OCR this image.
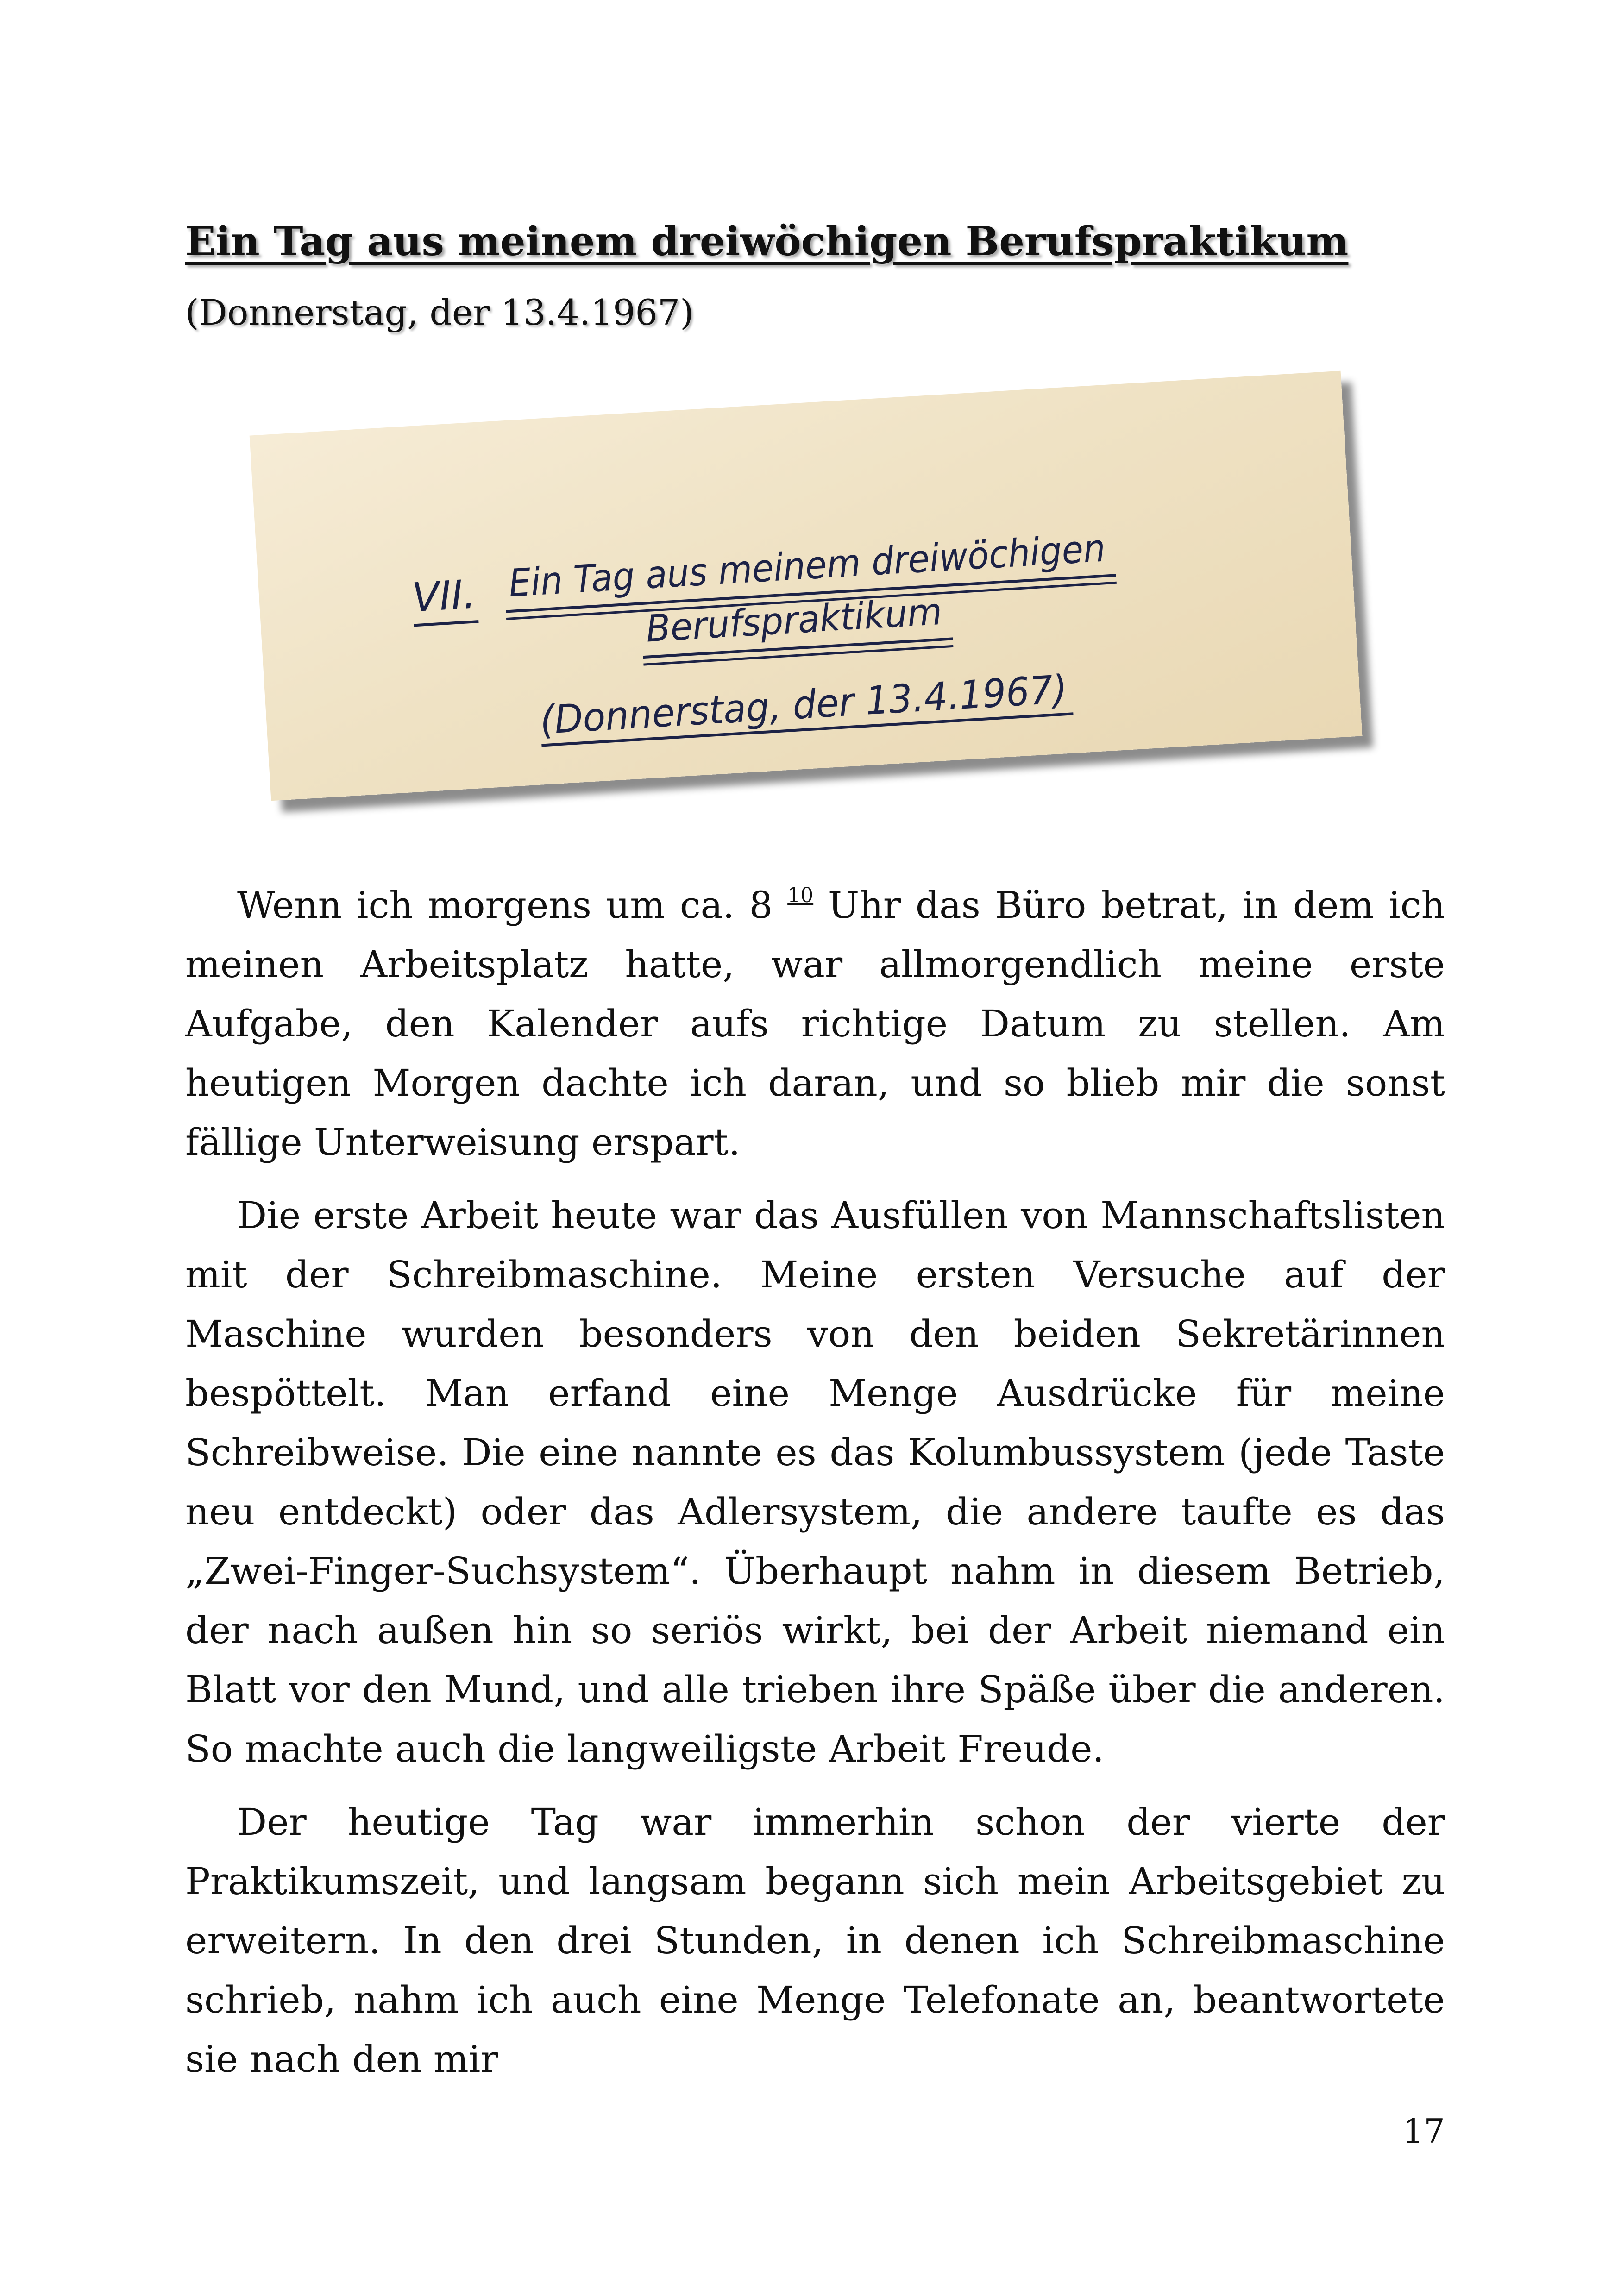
Ein Tag aus meinem dreiwöchigen Berufspraktikum
(Donnerstag, der 13.4.1967)
VII. Ein Tag aus meinem dreiwöchigen
Berufspraktikum
(Donnerstag, der 13.4.1967)

Wenn ich morgens um ca. 8 $^{10}$ Uhr das Büro betrat, in dem ich meinen Arbeitsplatz hatte, war allmorgendlich meine erste Aufgabe, den Kalender aufs richtige Datum zu stellen. Am heutigen Morgen dachte ich daran, und so blieb mir die sonst fällige Unterweisung erspart.

Die erste Arbeit heute war das Ausfüllen von Mannschaftslisten mit der Schreibmaschine. Meine ersten Versuche auf der Maschine wurden besonders von den beiden Sekretärinnen bespöttelt. Man erfand eine Menge Ausdrücke für meine Schreibweise. Die eine nannte es das Kolumbussystem (jede Taste neu entdeckt) oder das Adlersystem, die andere taufte es das „Zwei-Finger-Suchsystem“. Überhaupt nahm in diesem Betrieb, der nach außen hin so seriös wirkt, bei der Arbeit niemand ein Blatt vor den Mund, und alle trieben ihre Späße über die anderen. So machte auch die langweiligste Arbeit Freude.

Der heutige Tag war immerhin schon der vierte der Praktikumszeit, und langsam begann sich mein Arbeitsgebiet zu erweitern. In den drei Stunden, in denen ich Schreibmaschine schrieb, nahm ich auch eine Menge Telefonate an, beantwortete sie nach den mir

17
